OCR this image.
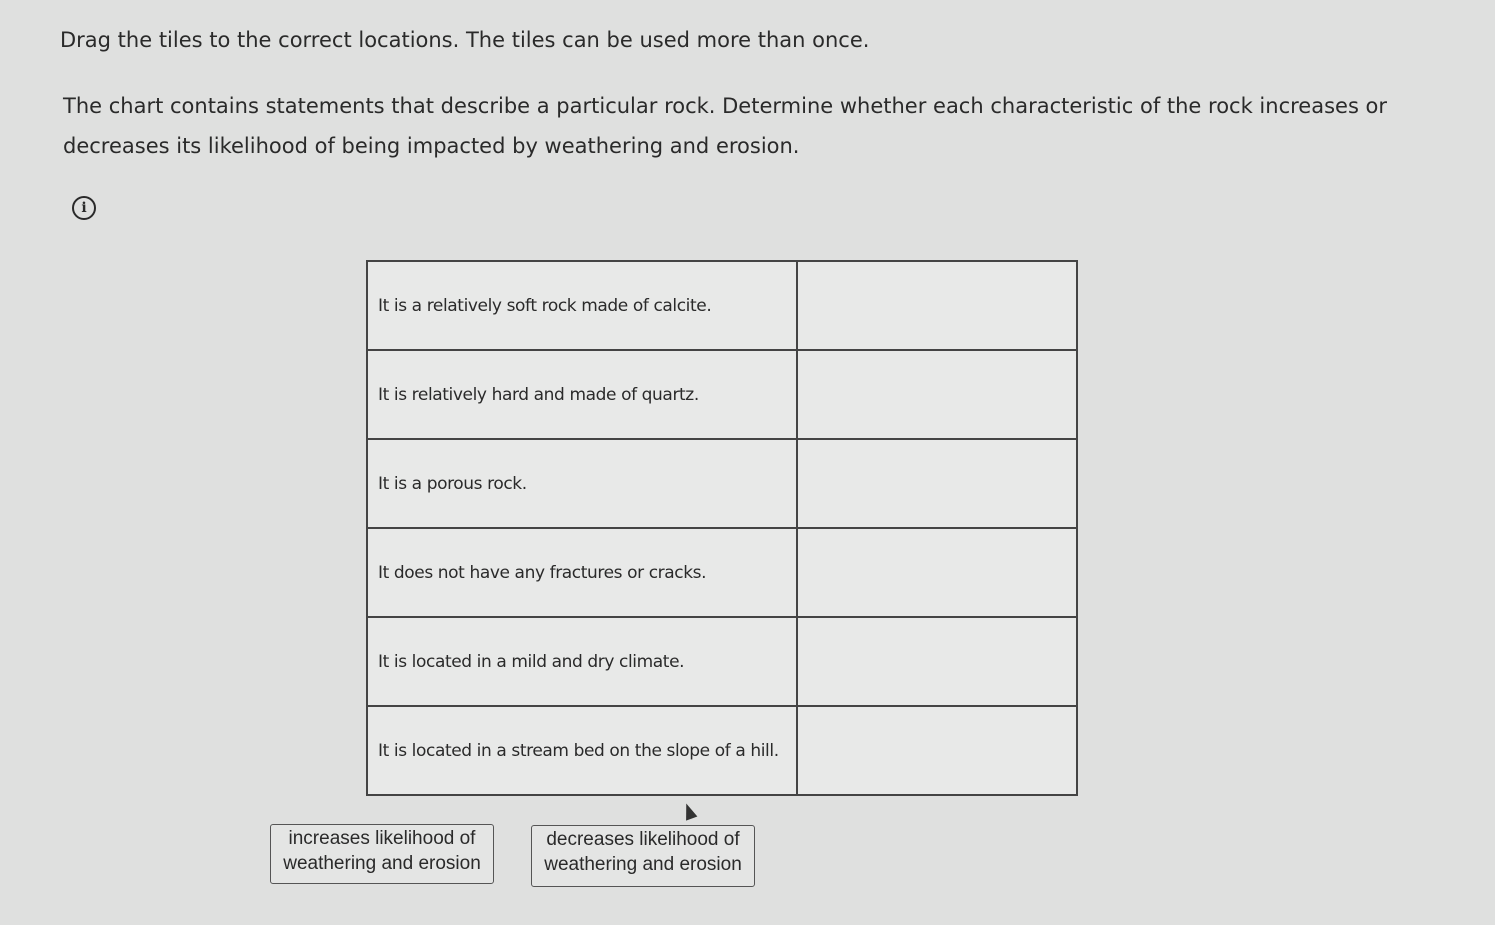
Drag the tiles to the correct locations. The tiles can be used more than once.

The chart contains statements that describe a particular rock. Determine whether each characteristic of the rock increases or decreases its likelihood of being impacted by weathering and erosion.

i
It is a relatively soft rock made of calcite.	
It is relatively hard and made of quartz.	
It is a porous rock.	
It does not have any fractures or cracks.	
It is located in a mild and dry climate.	
It is located in a stream bed on the slope of a hill.	
increases likelihood of
weathering and erosion
decreases likelihood of
weathering and erosion
